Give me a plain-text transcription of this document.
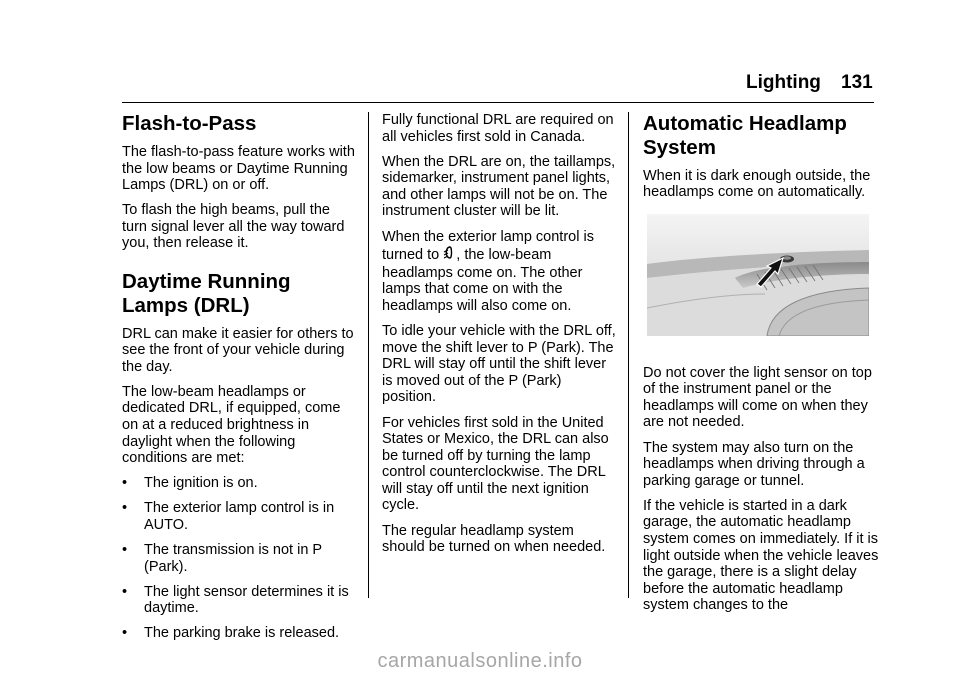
Lighting 131
Flash-to-Pass

The flash-to-pass feature works with the low beams or Daytime Running Lamps (DRL) on or off.

To flash the high beams, pull the turn signal lever all the way toward you, then release it.

Daytime Running
Lamps (DRL)

DRL can make it easier for others to see the front of your vehicle during the day.

The low-beam headlamps or dedicated DRL, if equipped, come on at a reduced brightness in daylight when the following conditions are met:

•	The ignition is on.
•	The exterior lamp control is in AUTO.
•	The transmission is not in P (Park).
•	The light sensor determines it is daytime.
•	The parking brake is released.

Fully functional DRL are required on all vehicles first sold in Canada.

When the DRL are on, the taillamps, sidemarker, instrument panel lights, and other lamps will not be on. The instrument cluster will be lit.

When the exterior lamp control is turned to , the low-beam headlamps come on. The other lamps that come on with the headlamps will also come on.

To idle your vehicle with the DRL off, move the shift lever to P (Park). The DRL will stay off until the shift lever is moved out of the P (Park) position.

For vehicles first sold in the United States or Mexico, the DRL can also be turned off by turning the lamp control counterclockwise. The DRL will stay off until the next ignition cycle.

The regular headlamp system should be turned on when needed.

Automatic Headlamp
System

When it is dark enough outside, the headlamps come on automatically.

Do not cover the light sensor on top of the instrument panel or the headlamps will come on when they are not needed.

The system may also turn on the headlamps when driving through a parking garage or tunnel.

If the vehicle is started in a dark garage, the automatic headlamp system comes on immediately. If it is light outside when the vehicle leaves the garage, there is a slight delay before the automatic headlamp system changes to the

carmanualsonline.info
